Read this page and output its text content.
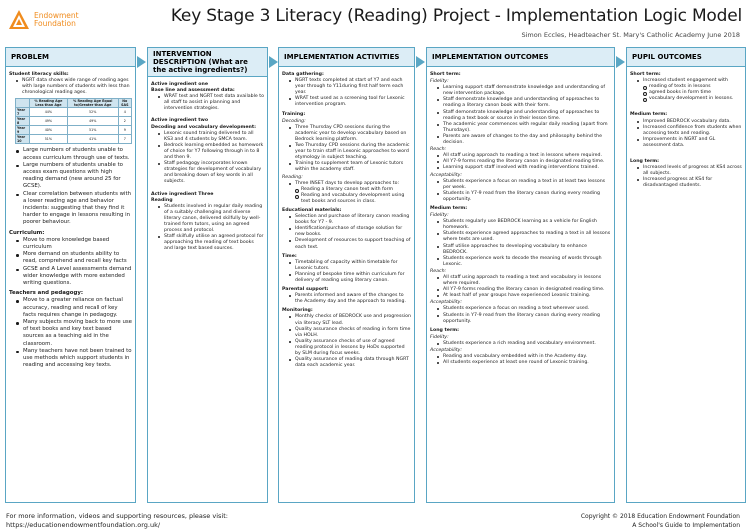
Endowment
Foundation	Key Stage 3 Literacy (Reading) Project - Implementation Logic Model
Simon Eccles, Headteacher St. Mary's Catholic Academy June 2018
PROBLEM
Student literacy skills:
NGRT data shows wide range of reading ages with large numbers of students with less than chronological reading ages.
	% Reading Age Less than Age	% Reading Age Equal to/Greater than Age	No SAS
Year 7	44%	52%	4
Year 8	49%	49%	2
Year 9	40%	51%	9
Year 10	51%	41%	7
Large numbers of students unable to access curriculum through use of texts.
Large numbers of students unable to access exam questions with high reading demand (new around 25 for GCSE).
Clear correlation between students with a lower reading age and behavior incidents: suggesting that they find it harder to engage in lessons resulting in poorer behaviour.
Curriculum:
Move to more knowledge based curriculum
More demand on students ability to read, comprehend and recall key facts
GCSE and A Level assessments demand wider knowledge with more extended writing questions.
Teachers and pedagogy:
Move to a greater reliance on factual accuracy, reading and recall of key facts requires change in pedagogy.
Many subjects moving back to more use of text books and key text based sources as a teaching aid in the classroom.
Many teachers have not been trained to use methods which support students in reading and accessing key texts.
INTERVENTION DESCRIPTION (What are the active ingredients?)
Active ingredient one
Base line and assessment data:
WRAT test and NGRT test data available to all staff to assist in planning and intervention strategies.
Active ingredient two
Decoding and vocabulary development:
Lexonic sound training delivered to all KS3 and 4 students by SMCA team.
Bedrock learning embedded as homework of choice for Y7 following through in to 8 and then 9.
Staff pedagogy incorporates known strategies for development of vocabulary and breaking down of key words in all subjects.
Active ingredient Three
Reading
Students involved in regular daily reading of a suitably challenging and diverse literary canon, delivered skilfully by well-trained form tutors, using an agreed process and protocol.
Staff skilfully utilise an agreed protocol for approaching the reading of text books and large text based sources.
IMPLEMENTATION ACTIVITIES
Data gathering:
NGRT texts completed at start of Y7 and each year through to Y11during first half term each year.
WRAT test used as a screening tool for Lexonic intervention program.
Training:
Decoding:
Three Thursday CPD sessions during the academic year to develop vocabulary based on Bedrock learning platform.
Two Thursday CPD sessions during the academic year to train staff in Lexonic approaches to word etymology in subject teaching.
Training to supplement team of Lexonic tutors within the academy staff.
Reading:
Three INSET days to develop approaches to:
Reading a literary canon text with form
Reading and vocabulary development using text books and sources in class.
Educational materials:
Selection and purchase of literary canon reading books for Y7 - 9.
Identification/purchase of storage solution for new books.
Development of resources to support teaching of each text.
Time:
Timetabling of capacity within timetable for Lexonic tutors.
Planning of bespoke time within curriculum for delivery of reading using literary canon.
Parental support:
Parents informed and aware of the changes to the Academy day and the approach to reading.
Monitoring:
Monthly checks of BEDROCK use and progression via literacy SLT lead.
Quality assurance checks of reading in form time via HOLH.
Quality assurance checks of use of agreed reading protocol in lessons by HoDs supported by SLM during focus weeks.
Quality assurance of reading data through NGRT data each academic year.
IMPLEMENTATION OUTCOMES
Short term:
Fidelity:
Learning support staff demonstrate knowledge and understanding of new intervention package.
Staff demonstrate knowledge and understanding of approaches to reading a literary canon book with their form.
Staff demonstrate knowledge and understanding of approaches to reading a text book or source in their lesson time.
The academic year commences with regular daily reading (apart from Thursdays).
Parents are aware of changes to the day and philosophy behind the decision.
Reach:
All staff using approach to reading a text in lessons where required.
All Y7-9 forms reading the literary canon in designated reading time.
Learning support staff involved with reading interventions trained.
Acceptability:
Students experience a focus on reading a text in at least two lessons per week.
Students in Y7-9 read from the literary canon during every reading opportunity.
Medium term:
Fidelity:
Students regularly use BEDROCK learning as a vehicle for English homework.
Students experience agreed approaches to reading a text in all lessons where texts are used.
Staff utilise approaches to developing vocabulary to enhance BEDROCK.
Students experience work to decode the meaning of words through Lexonic.
Reach:
All staff using approach to reading a text and vocabulary in lessons where required.
All Y7-9 forms reading the literary canon in designated reading time.
At least half of year groups have experienced Lexonic training.
Acceptability:
Students experience a focus on reading a text wherever used.
Students in Y7-9 read from the literary canon during every reading opportunity.
Long term:
Fidelity:
Students experience a rich reading and vocabulary environment.
Acceptability:
Reading and vocabulary embedded with in the Academy day.
All students experience at least one round of Lexonic training.
PUPIL OUTCOMES
Short term:
Increased student engagement with
reading of texts in lessons
agreed books in form time
vocabulary development in lessons.
Medium term:
Improved BEDROCK vocabulary data.
Increased confidence from students when accessing texts and reading.
Improvements in NGRT and GL assessment data.
Long term:
Increased levels of progress at KS4 across all subjects.
Increased progress at KS4 for disadvantaged students.
For more information, videos and supporting resources, please visit:
https://educationendowmentfoundation.org.uk/
Copyright © 2018 Education Endowment Foundation
A School's Guide to Implementation
